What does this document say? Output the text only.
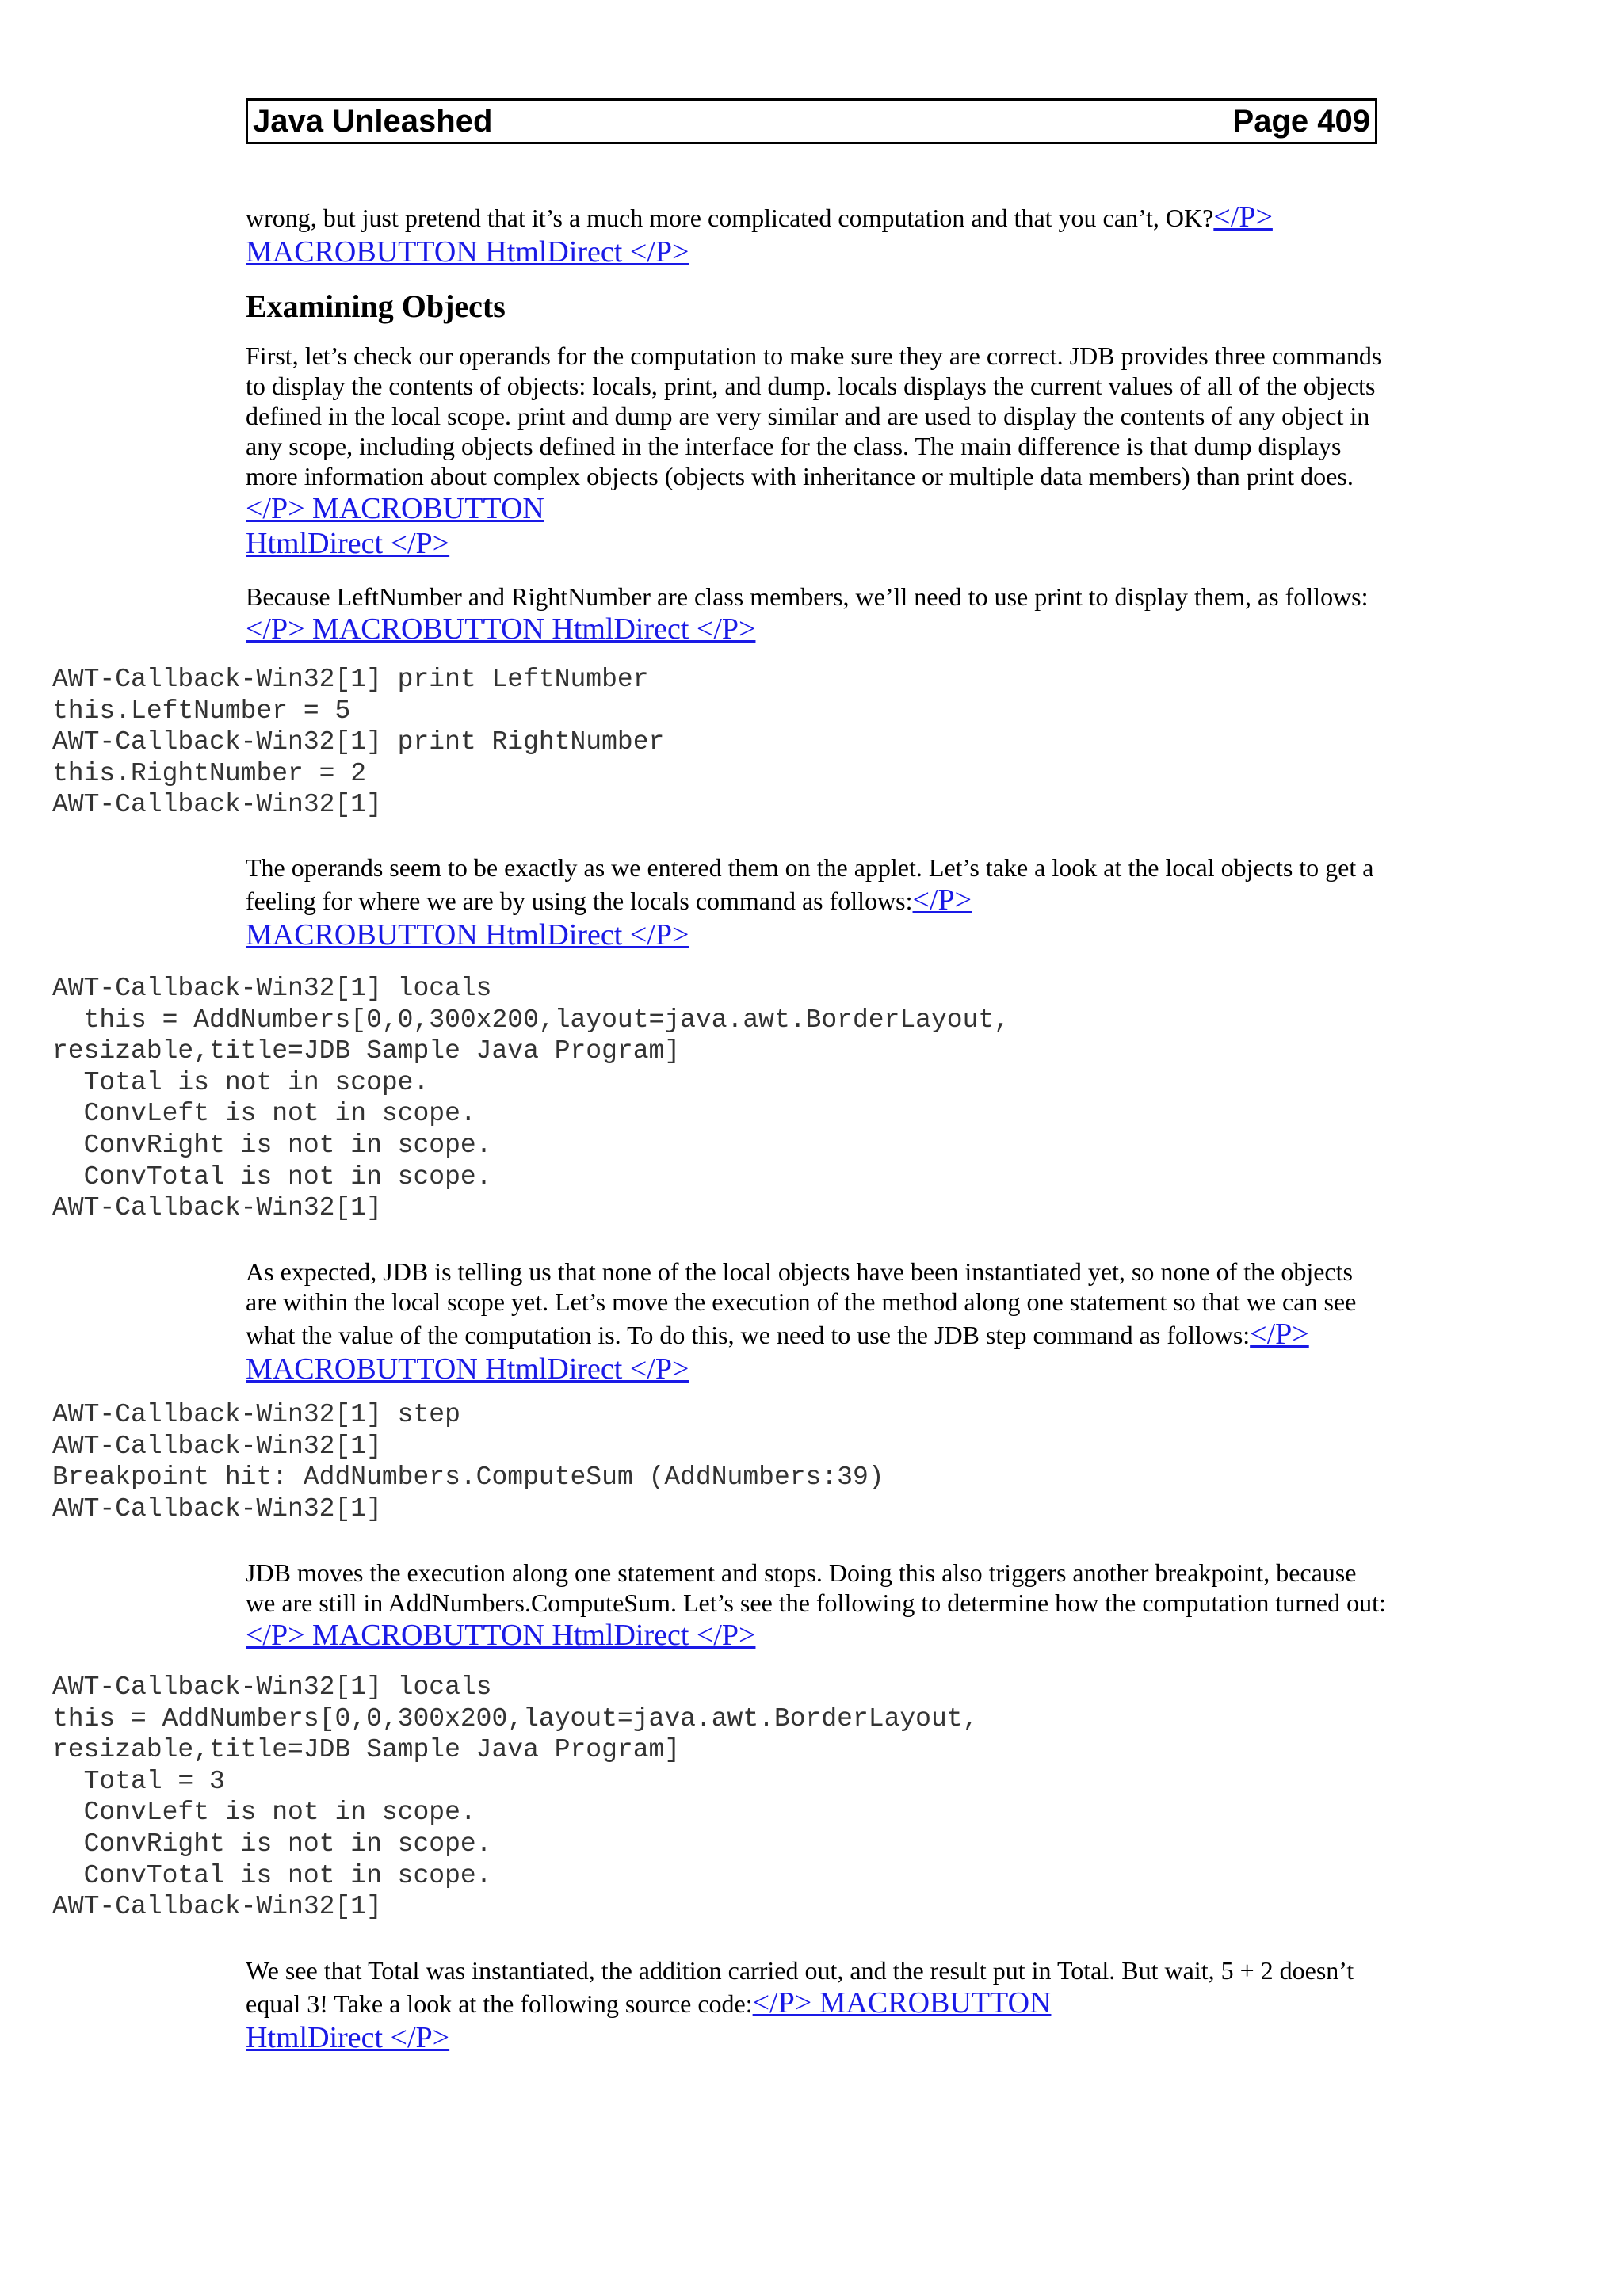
Java Unleashed	Page 409
wrong, but just pretend that it’s a much more complicated computation and that you can’t, OK?</P>
MACROBUTTON HtmlDirect </P>
Examining Objects
First, let’s check our operands for the computation to make sure they are correct. JDB provides three commands to display the contents of objects: locals, print, and dump. locals displays the current values of all of the objects defined in the local scope. print and dump are very similar and are used to display the contents of any object in any scope, including objects defined in the interface for the class. The main difference is that dump displays more information about complex objects (objects with inheritance or multiple data members) than print does.</P> MACROBUTTON
HtmlDirect </P>
Because LeftNumber and RightNumber are class members, we’ll need to use print to display them, as follows:</P> MACROBUTTON HtmlDirect </P>
AWT-Callback-Win32[1] print LeftNumber
this.LeftNumber = 5
AWT-Callback-Win32[1] print RightNumber
this.RightNumber = 2
AWT-Callback-Win32[1]
The operands seem to be exactly as we entered them on the applet. Let’s take a look at the local objects to get a feeling for where we are by using the locals command as follows:</P>
MACROBUTTON HtmlDirect </P>
AWT-Callback-Win32[1] locals
this = AddNumbers[0,0,300x200,layout=java.awt.BorderLayout,
resizable,title=JDB Sample Java Program]
Total is not in scope.
ConvLeft is not in scope.
ConvRight is not in scope.
ConvTotal is not in scope.
AWT-Callback-Win32[1]
As expected, JDB is telling us that none of the local objects have been instantiated yet, so none of the objects are within the local scope yet. Let’s move the execution of the method along one statement so that we can see what the value of the computation is. To do this, we need to use the JDB step command as follows:</P> MACROBUTTON HtmlDirect </P>
AWT-Callback-Win32[1] step
AWT-Callback-Win32[1]
Breakpoint hit: AddNumbers.ComputeSum (AddNumbers:39)
AWT-Callback-Win32[1]
JDB moves the execution along one statement and stops. Doing this also triggers another breakpoint, because we are still in AddNumbers.ComputeSum. Let’s see the following to determine how the computation turned out:</P> MACROBUTTON HtmlDirect </P>
AWT-Callback-Win32[1] locals
this = AddNumbers[0,0,300x200,layout=java.awt.BorderLayout,
resizable,title=JDB Sample Java Program]
Total = 3
ConvLeft is not in scope.
ConvRight is not in scope.
ConvTotal is not in scope.
AWT-Callback-Win32[1]
We see that Total was instantiated, the addition carried out, and the result put in Total. But wait, 5 + 2 doesn’t equal 3! Take a look at the following source code:</P> MACROBUTTON
HtmlDirect </P>
